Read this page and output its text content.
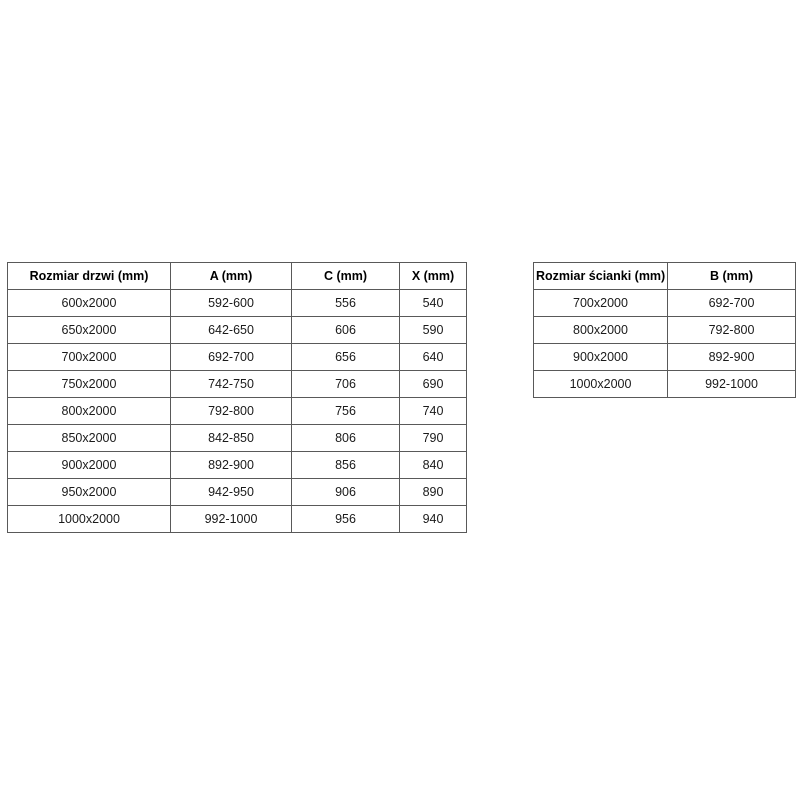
Rozmiar drzwi (mm)	A (mm)	C (mm)	X (mm)
600x2000	592-600	556	540
650x2000	642-650	606	590
700x2000	692-700	656	640
750x2000	742-750	706	690
800x2000	792-800	756	740
850x2000	842-850	806	790
900x2000	892-900	856	840
950x2000	942-950	906	890
1000x2000	992-1000	956	940
Rozmiar ścianki (mm)	B (mm)
700x2000	692-700
800x2000	792-800
900x2000	892-900
1000x2000	992-1000
